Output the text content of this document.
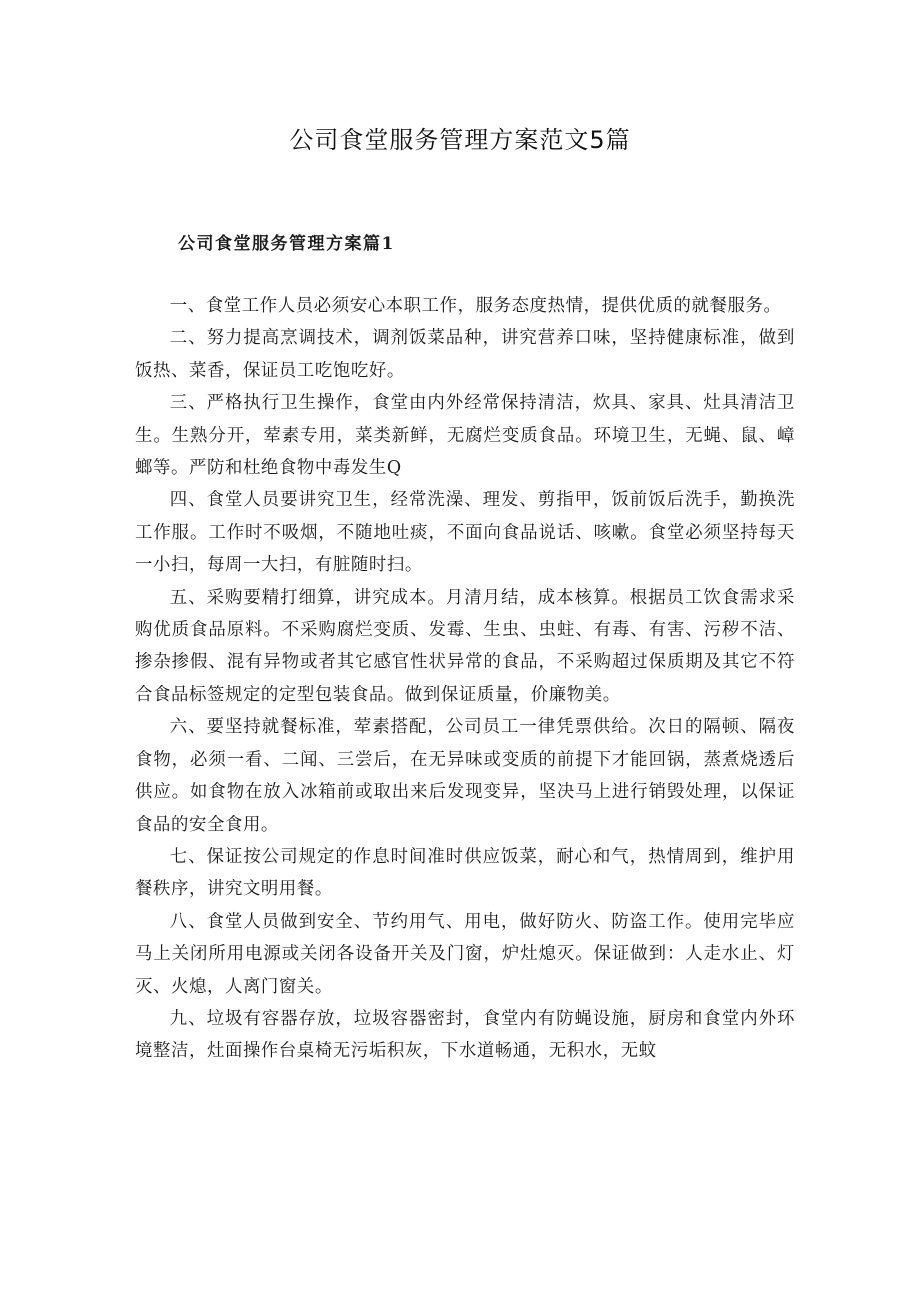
公司食堂服务管理方案范文5篇
公司食堂服务管理方案篇1

一、食堂工作人员必须安心本职工作，服务态度热情，提供优质的就餐服务。

二、努力提高烹调技术，调剂饭菜品种，讲究营养口味，坚持健康标准，做到饭热、菜香，保证员工吃饱吃好。

三、严格执行卫生操作，食堂由内外经常保持清洁，炊具、家具、灶具清洁卫生。生熟分开，荤素专用，菜类新鲜，无腐烂变质食品。环境卫生，无蝇、鼠、嶂螂等。严防和杜绝食物中毒发生Q

四、食堂人员要讲究卫生，经常洗澡、理发、剪指甲，饭前饭后洗手，勤换洗工作服。工作时不吸烟，不随地吐痰，不面向食品说话、咳嗽。食堂必须坚持每天一小扫，每周一大扫，有脏随时扫。

五、采购要精打细算，讲究成本。月清月结，成本核算。根据员工饮食需求采购优质食品原料。不采购腐烂变质、发霉、生虫、虫蛀、有毒、有害、污秽不洁、掺杂掺假、混有异物或者其它感官性状异常的食品，不采购超过保质期及其它不符合食品标签规定的定型包装食品。做到保证质量，价廉物美。

六、要坚持就餐标准，荤素搭配，公司员工一律凭票供给。次日的隔顿、隔夜食物，必须一看、二闻、三尝后，在无异味或变质的前提下才能回锅，蒸煮烧透后供应。如食物在放入冰箱前或取出来后发现变异，坚决马上进行销毁处理，以保证食品的安全食用。

七、保证按公司规定的作息时间准时供应饭菜，耐心和气，热情周到，维护用餐秩序，讲究文明用餐。

八、食堂人员做到安全、节约用气、用电，做好防火、防盗工作。使用完毕应马上关闭所用电源或关闭各设备开关及门窗，炉灶熄灭。保证做到：人走水止、灯灭、火熄，人离门窗关。

九、垃圾有容器存放，垃圾容器密封，食堂内有防蝇设施，厨房和食堂内外环境整洁，灶面操作台桌椅无污垢积灰，下水道畅通，无积水，无蚊
